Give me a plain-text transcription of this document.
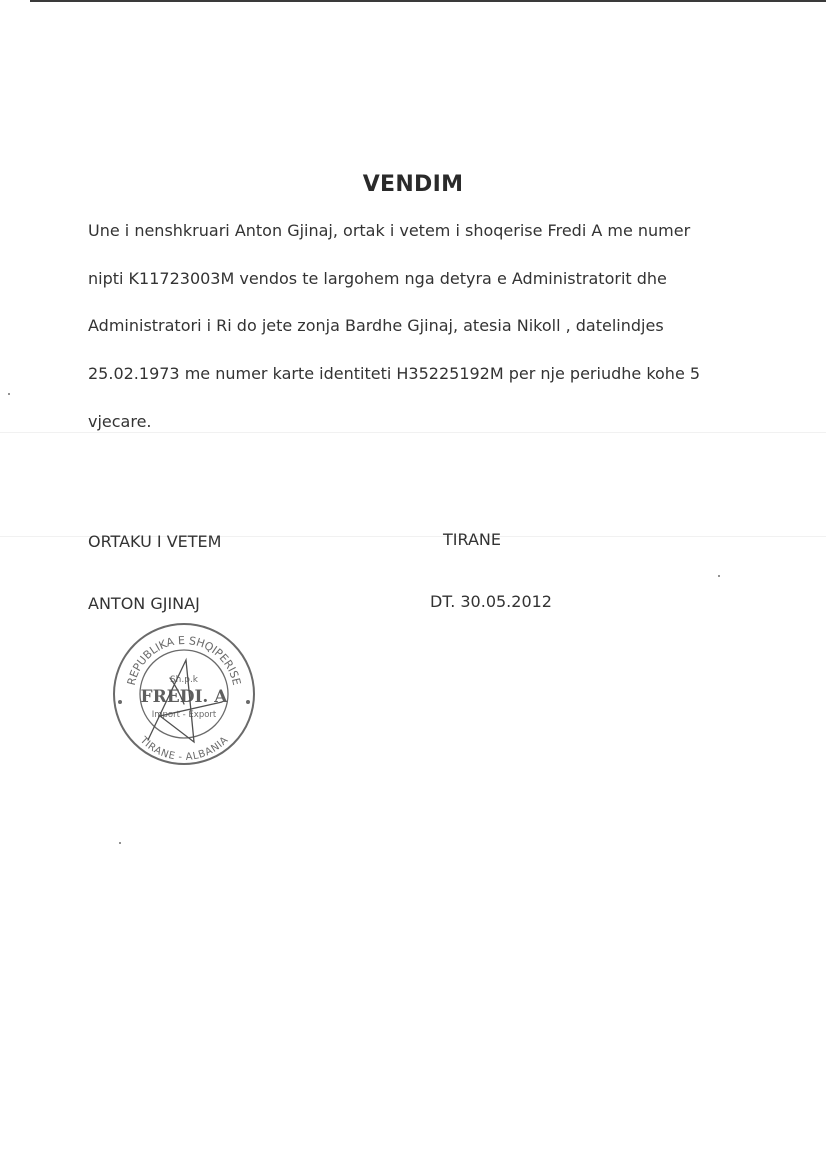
VENDIM
Une i nenshkruari Anton Gjinaj, ortak i vetem i shoqerise Fredi A me numer
nipti K11723003M vendos te largohem nga detyra e Administratorit dhe
Administratori i Ri do jete zonja Bardhe Gjinaj, atesia Nikoll , datelindjes
25.02.1973 me numer karte identiteti H35225192M per nje periudhe kohe 5
vjecare.
ORTAKU I VETEM	TIRANE
ANTON GJINAJ	DT. 30.05.2012
REPUBLIKA E SHQIPERISE
TIRANE - ALBANIA
Sh.p.k
FREDI. A
Import - Export
